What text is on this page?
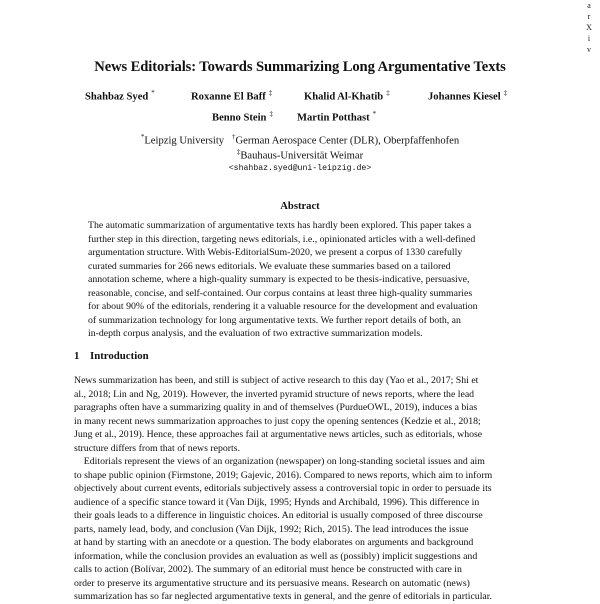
a
r
X
i
v
News Editorials: Towards Summarizing Long Argumentative Texts
Shahbaz Syed *	Roxanne El Baff ‡	Khalid Al-Khatib ‡	Johannes Kiesel ‡
Benno Stein ‡ Martin Potthast *
*Leipzig University †German Aerospace Center (DLR), Oberpfaffenhofen
‡Bauhaus-Universität Weimar
<shahbaz.syed@uni-leipzig.de>
Abstract
The automatic summarization of argumentative texts has hardly been explored. This paper takes a
further step in this direction, targeting news editorials, i.e., opinionated articles with a well-defined
argumentation structure. With Webis-EditorialSum-2020, we present a corpus of 1330 carefully
curated summaries for 266 news editorials. We evaluate these summaries based on a tailored
annotation scheme, where a high-quality summary is expected to be thesis-indicative, persuasive,
reasonable, concise, and self-contained. Our corpus contains at least three high-quality summaries
for about 90% of the editorials, rendering it a valuable resource for the development and evaluation
of summarization technology for long argumentative texts. We further report details of both, an
in-depth corpus analysis, and the evaluation of two extractive summarization models.
1 Introduction
News summarization has been, and still is subject of active research to this day (Yao et al., 2017; Shi et
al., 2018; Lin and Ng, 2019). However, the inverted pyramid structure of news reports, where the lead
paragraphs often have a summarizing quality in and of themselves (PurdueOWL, 2019), induces a bias
in many recent news summarization approaches to just copy the opening sentences (Kedzie et al., 2018;
Jung et al., 2019). Hence, these approaches fail at argumentative news articles, such as editorials, whose
structure differs from that of news reports.
Editorials represent the views of an organization (newspaper) on long-standing societal issues and aim
to shape public opinion (Firmstone, 2019; Gajevic, 2016). Compared to news reports, which aim to inform
objectively about current events, editorials subjectively assess a controversial topic in order to persuade its
audience of a specific stance toward it (Van Dijk, 1995; Hynds and Archibald, 1996). This difference in
their goals leads to a difference in linguistic choices. An editorial is usually composed of three discourse
parts, namely lead, body, and conclusion (Van Dijk, 1992; Rich, 2015). The lead introduces the issue
at hand by starting with an anecdote or a question. The body elaborates on arguments and background
information, while the conclusion provides an evaluation as well as (possibly) implicit suggestions and
calls to action (Bolívar, 2002). The summary of an editorial must hence be constructed with care in
order to preserve its argumentative structure and its persuasive means. Research on automatic (news)
summarization has so far neglected argumentative texts in general, and the genre of editorials in particular.
